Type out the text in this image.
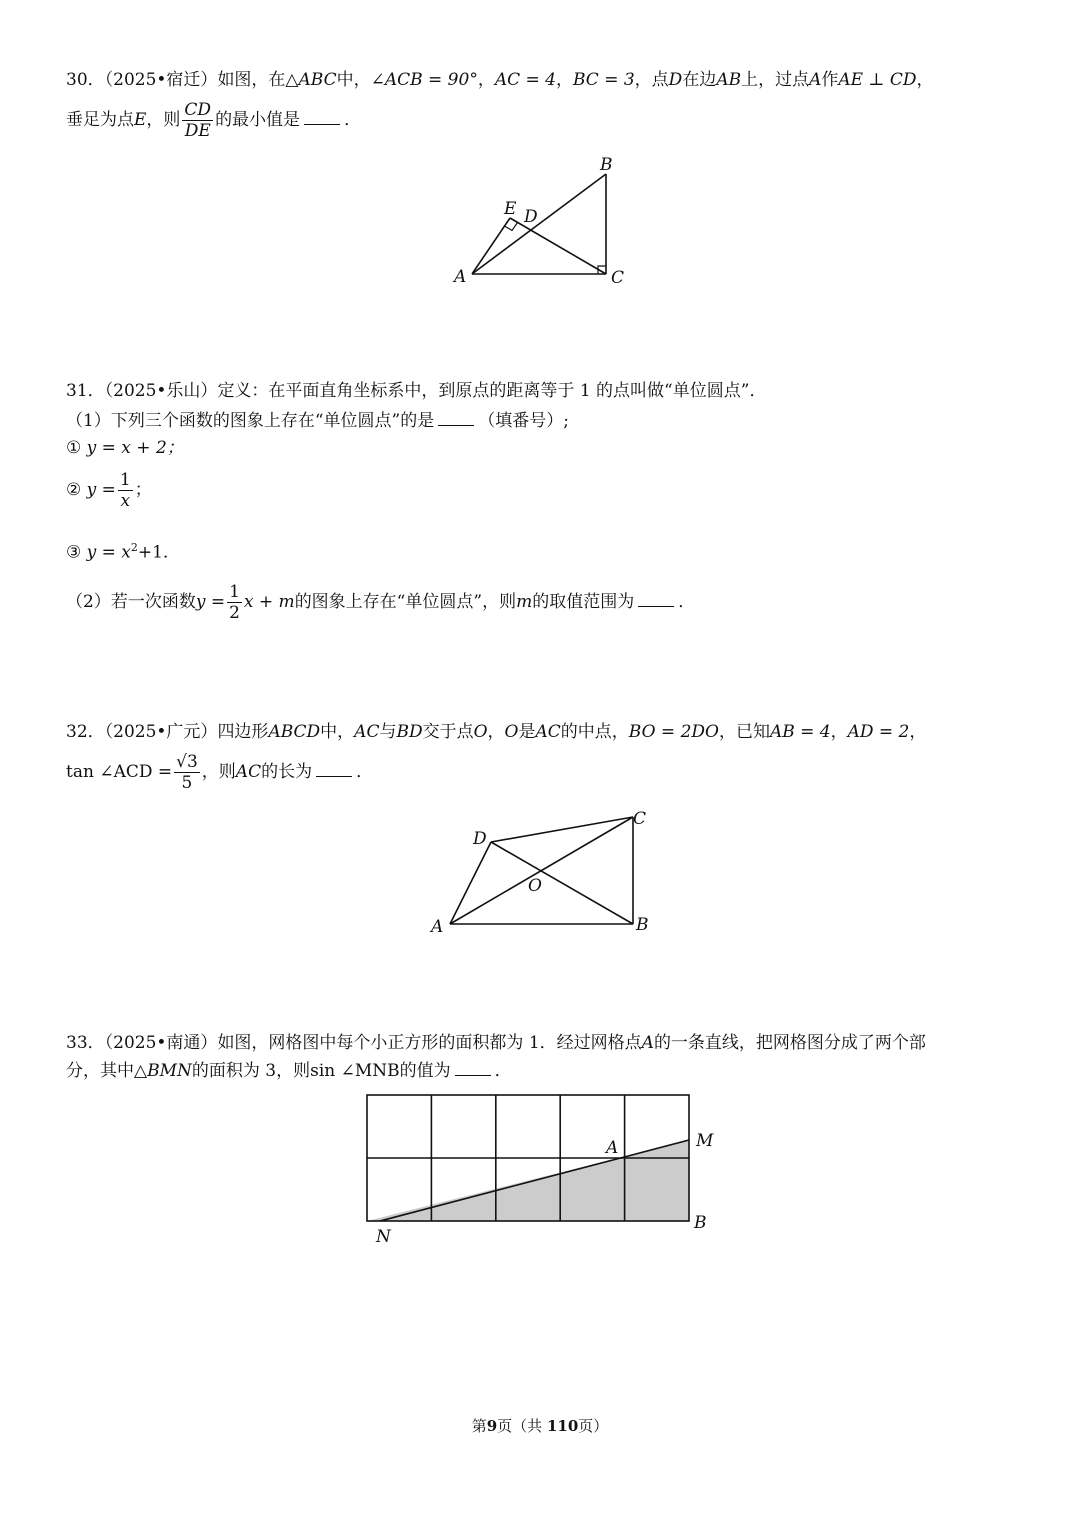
30．（2025•宿迁）如图，在△ABC中，∠ACB = 90°，AC = 4，BC = 3，点D在边AB上，过点A作AE ⊥ CD，
垂足为点E，则 $\frac{CD}{DE}$ 的最小值是	．
A
B
C
D
E
31．（2025•乐山）定义：在平面直角坐标系中，到原点的距离等于 1 的点叫做“单位圆点”．
（1）下列三个函数的图象上存在“单位圆点”的是	（填番号）;
① y = x + 2；
② $y = \frac{1}{x}$ ；
③ $y = x^2+1$．
（2）若一次函数$y = \frac{1}{2}$ x + m的图象上存在“单位圆点”，则m的取值范围为	．
32．（2025•广元）四边形ABCD中，AC与BD交于点O，O是AC的中点，BO = 2DO，已知AB = 4，AD = 2，
tan ∠ACD = $\frac{√3}{5}$ ，则AC的长为	．
A	B
C
D
O
33．（2025•南通）如图，网格图中每个小正方形的面积都为 1．经过网格点A的一条直线，把网格图分成了两个部
分，其中△BMN的面积为 3，则sin ∠MNB的值为	．
A	M
N
B
第9页（共 110页）
